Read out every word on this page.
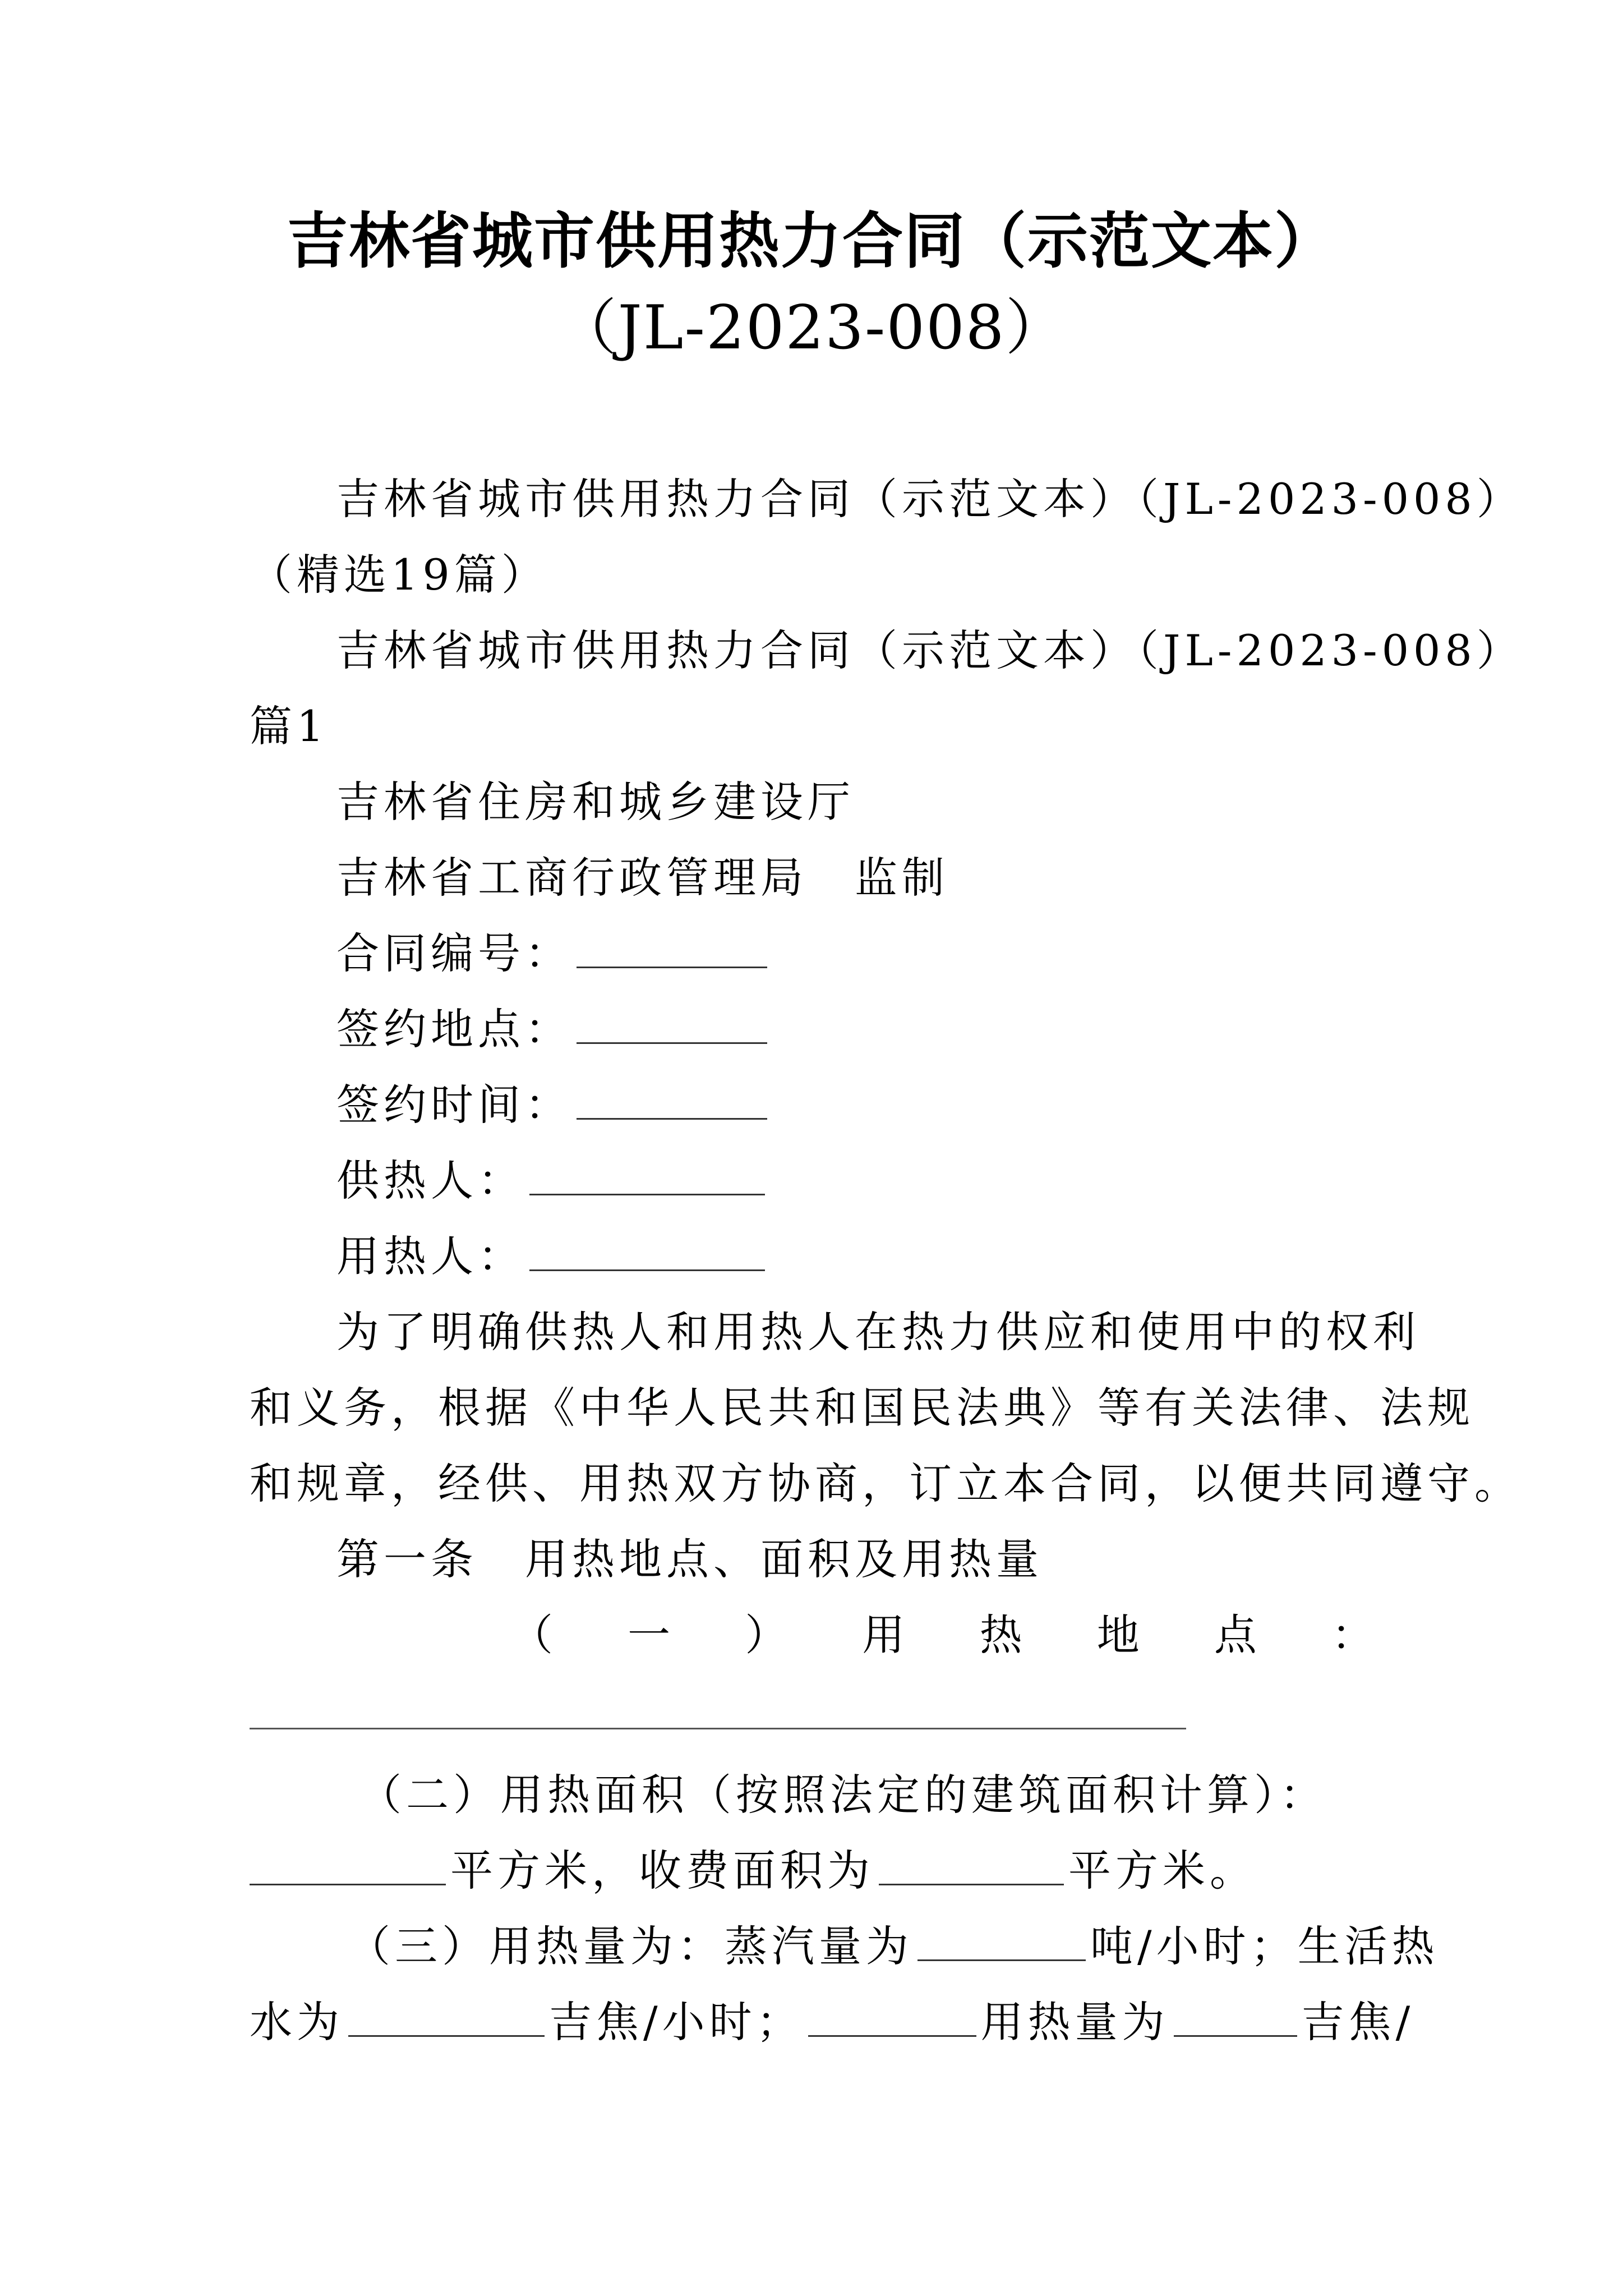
吉林省城市供用热力合同（示范文本）
（JL-2023-008）
吉林省城市供用热力合同（示范文本）（JL-2023-008）
（精选19篇）
吉林省城市供用热力合同（示范文本）（JL-2023-008）
篇1
吉林省住房和城乡建设厅
吉林省工商行政管理局　监制
合同编号：
签约地点：
签约时间：
供热人：
用热人：
为了明确供热人和用热人在热力供应和使用中的权利
和义务，根据《中华人民共和国民法典》等有关法律、法规
和规章，经供、用热双方协商，订立本合同，以便共同遵守。
第一条　用热地点、面积及用热量
（ 一 ） 用 热 地 点 ：
（二）用热面积（按照法定的建筑面积计算）：
平方米，收费面积为	平方米。
（三）用热量为：蒸汽量为	吨/小时；生活热
水为	吉焦/小时；	用热量为	吉焦/
